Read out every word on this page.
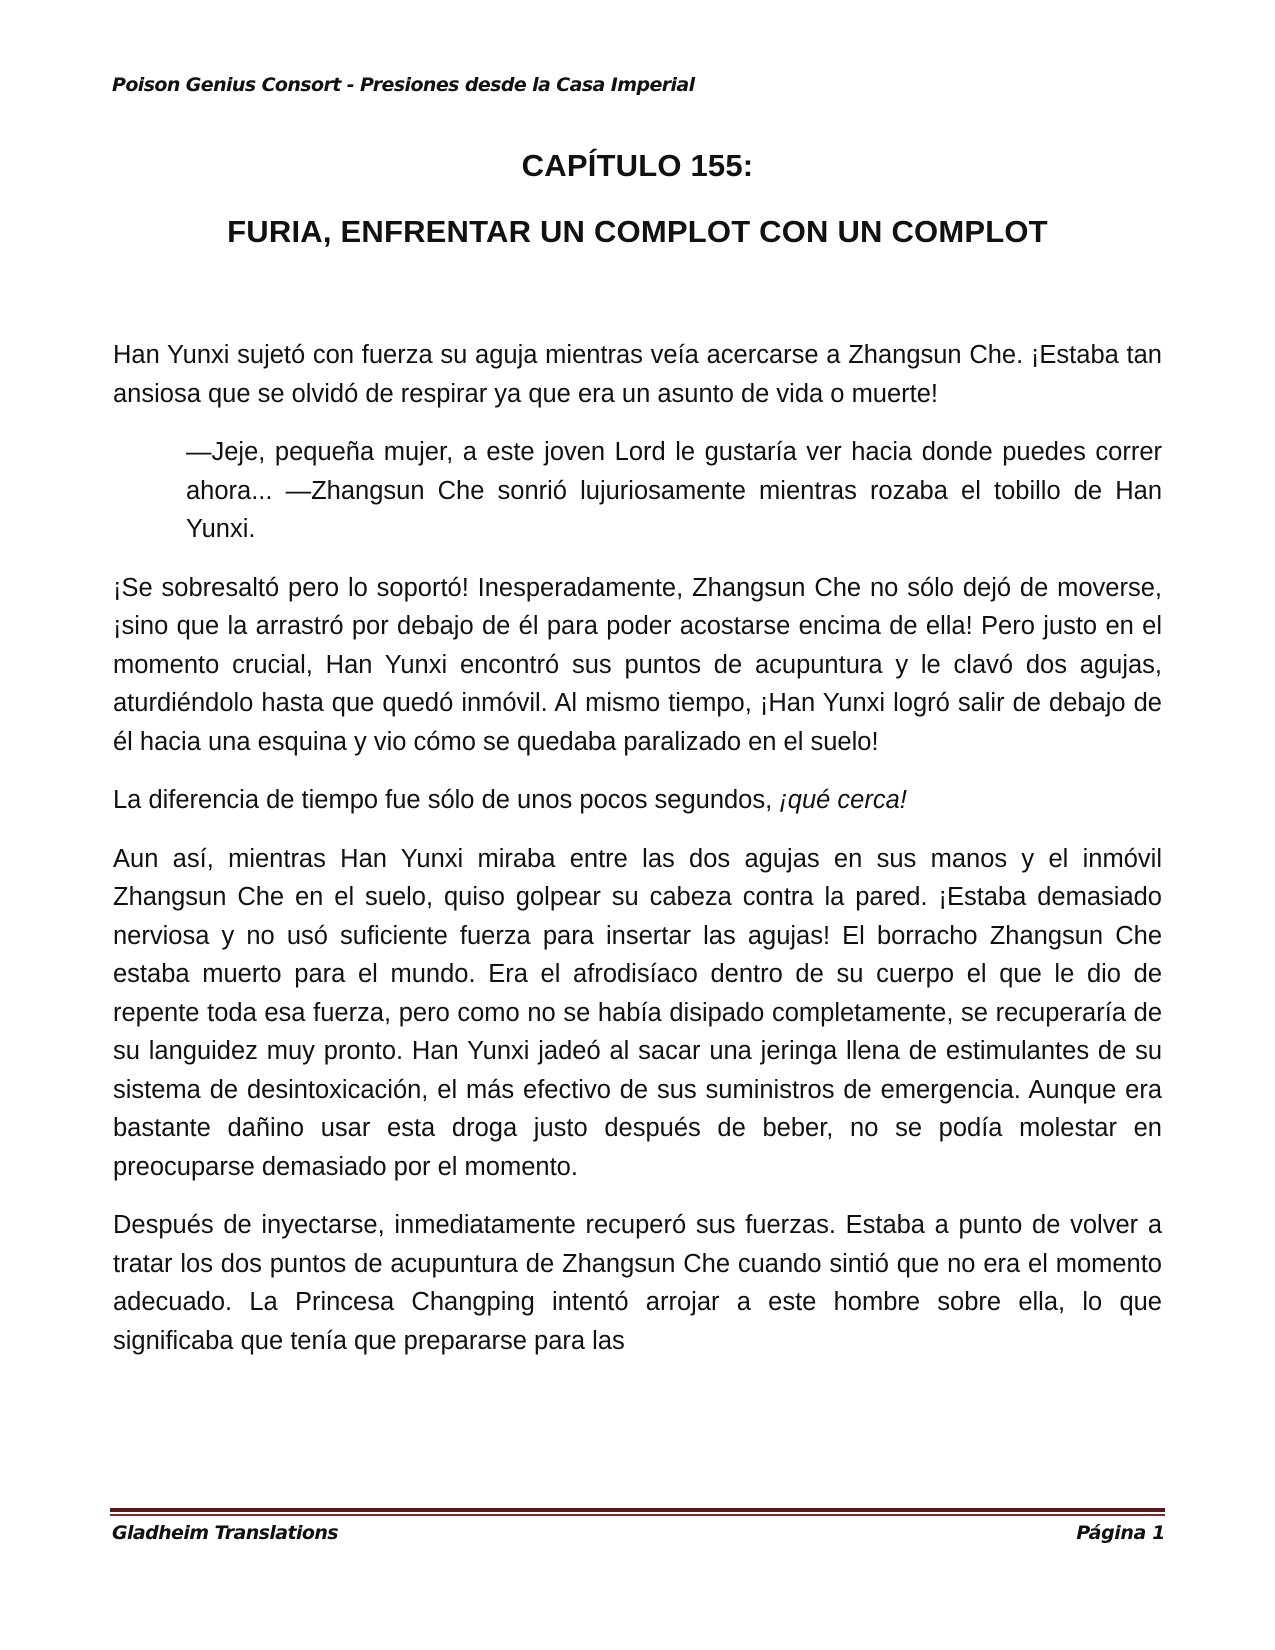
Poison Genius Consort - Presiones desde la Casa Imperial
CAPÍTULO 155:
FURIA, ENFRENTAR UN COMPLOT CON UN COMPLOT

Han Yunxi sujetó con fuerza su aguja mientras veía acercarse a Zhangsun Che. ¡Estaba tan ansiosa que se olvidó de respirar ya que era un asunto de vida o muerte!

—Jeje, pequeña mujer, a este joven Lord le gustaría ver hacia donde puedes correr ahora... —Zhangsun Che sonrió lujuriosamente mientras rozaba el tobillo de Han Yunxi.

¡Se sobresaltó pero lo soportó! Inesperadamente, Zhangsun Che no sólo dejó de moverse, ¡sino que la arrastró por debajo de él para poder acostarse encima de ella! Pero justo en el momento crucial, Han Yunxi encontró sus puntos de acupuntura y le clavó dos agujas, aturdiéndolo hasta que quedó inmóvil. Al mismo tiempo, ¡Han Yunxi logró salir de debajo de él hacia una esquina y vio cómo se quedaba paralizado en el suelo!

La diferencia de tiempo fue sólo de unos pocos segundos, ¡qué cerca!

Aun así, mientras Han Yunxi miraba entre las dos agujas en sus manos y el inmóvil Zhangsun Che en el suelo, quiso golpear su cabeza contra la pared. ¡Estaba demasiado nerviosa y no usó suficiente fuerza para insertar las agujas! El borracho Zhangsun Che estaba muerto para el mundo. Era el afrodisíaco dentro de su cuerpo el que le dio de repente toda esa fuerza, pero como no se había disipado completamente, se recuperaría de su languidez muy pronto. Han Yunxi jadeó al sacar una jeringa llena de estimulantes de su sistema de desintoxicación, el más efectivo de sus suministros de emergencia. Aunque era bastante dañino usar esta droga justo después de beber, no se podía molestar en preocuparse demasiado por el momento.

Después de inyectarse, inmediatamente recuperó sus fuerzas. Estaba a punto de volver a tratar los dos puntos de acupuntura de Zhangsun Che cuando sintió que no era el momento adecuado. La Princesa Changping intentó arrojar a este hombre sobre ella, lo que significaba que tenía que prepararse para las

Gladheim Translations	Página 1
